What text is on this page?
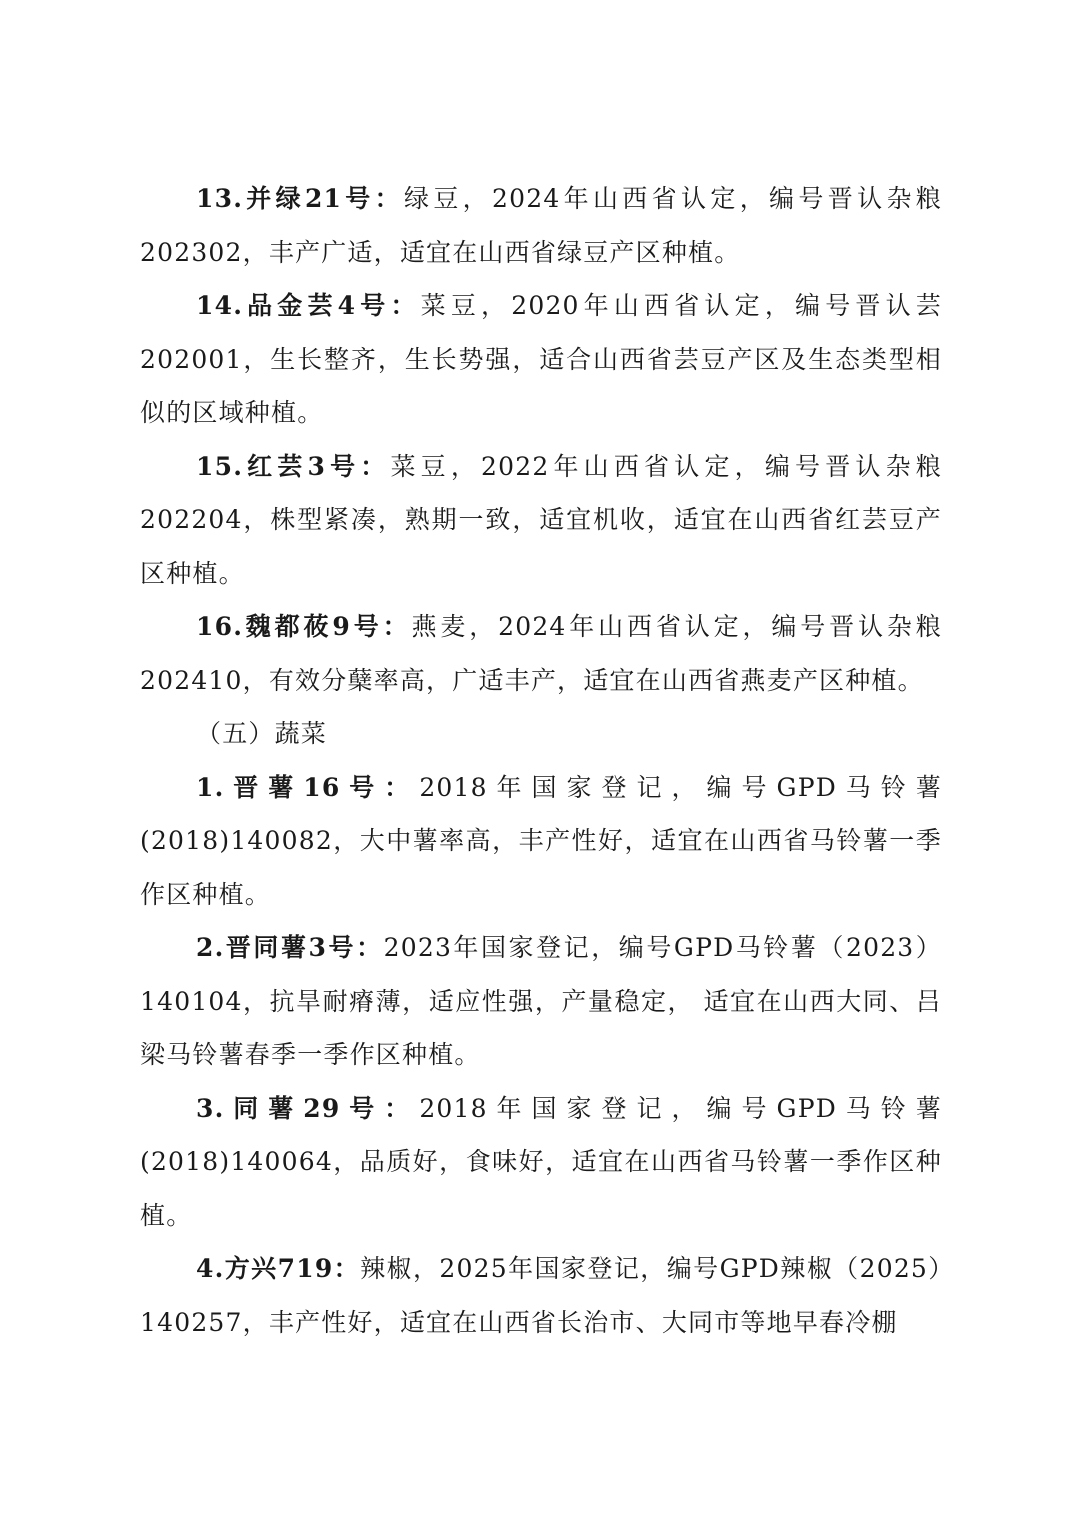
13.并绿21号：绿豆，2024年山西省认定，编号晋认杂粮202302，丰产广适，适宜在山西省绿豆产区种植。

14.品金芸4号：菜豆，2020年山西省认定，编号晋认芸202001，生长整齐，生长势强，适合山西省芸豆产区及生态类型相似的区域种植。

15.红芸3号：菜豆，2022年山西省认定，编号晋认杂粮202204，株型紧凑，熟期一致，适宜机收，适宜在山西省红芸豆产区种植。

16.魏都莜9号：燕麦，2024年山西省认定，编号晋认杂粮202410，有效分蘖率高，广适丰产，适宜在山西省燕麦产区种植。

（五）蔬菜

1.晋薯16号：2018年国家登记，编号GPD马铃薯(2018)140082，大中薯率高，丰产性好，适宜在山西省马铃薯一季作区种植。

2.晋同薯3号：2023年国家登记，编号GPD马铃薯（2023）140104，抗旱耐瘠薄，适应性强，产量稳定， 适宜在山西大同、吕梁马铃薯春季一季作区种植。

3.同薯29号：2018年国家登记，编号GPD马铃薯(2018)140064，品质好，食味好，适宜在山西省马铃薯一季作区种植。

4.方兴719：辣椒，2025年国家登记，编号GPD辣椒（2025）140257，丰产性好，适宜在山西省长治市、大同市等地早春冷棚
